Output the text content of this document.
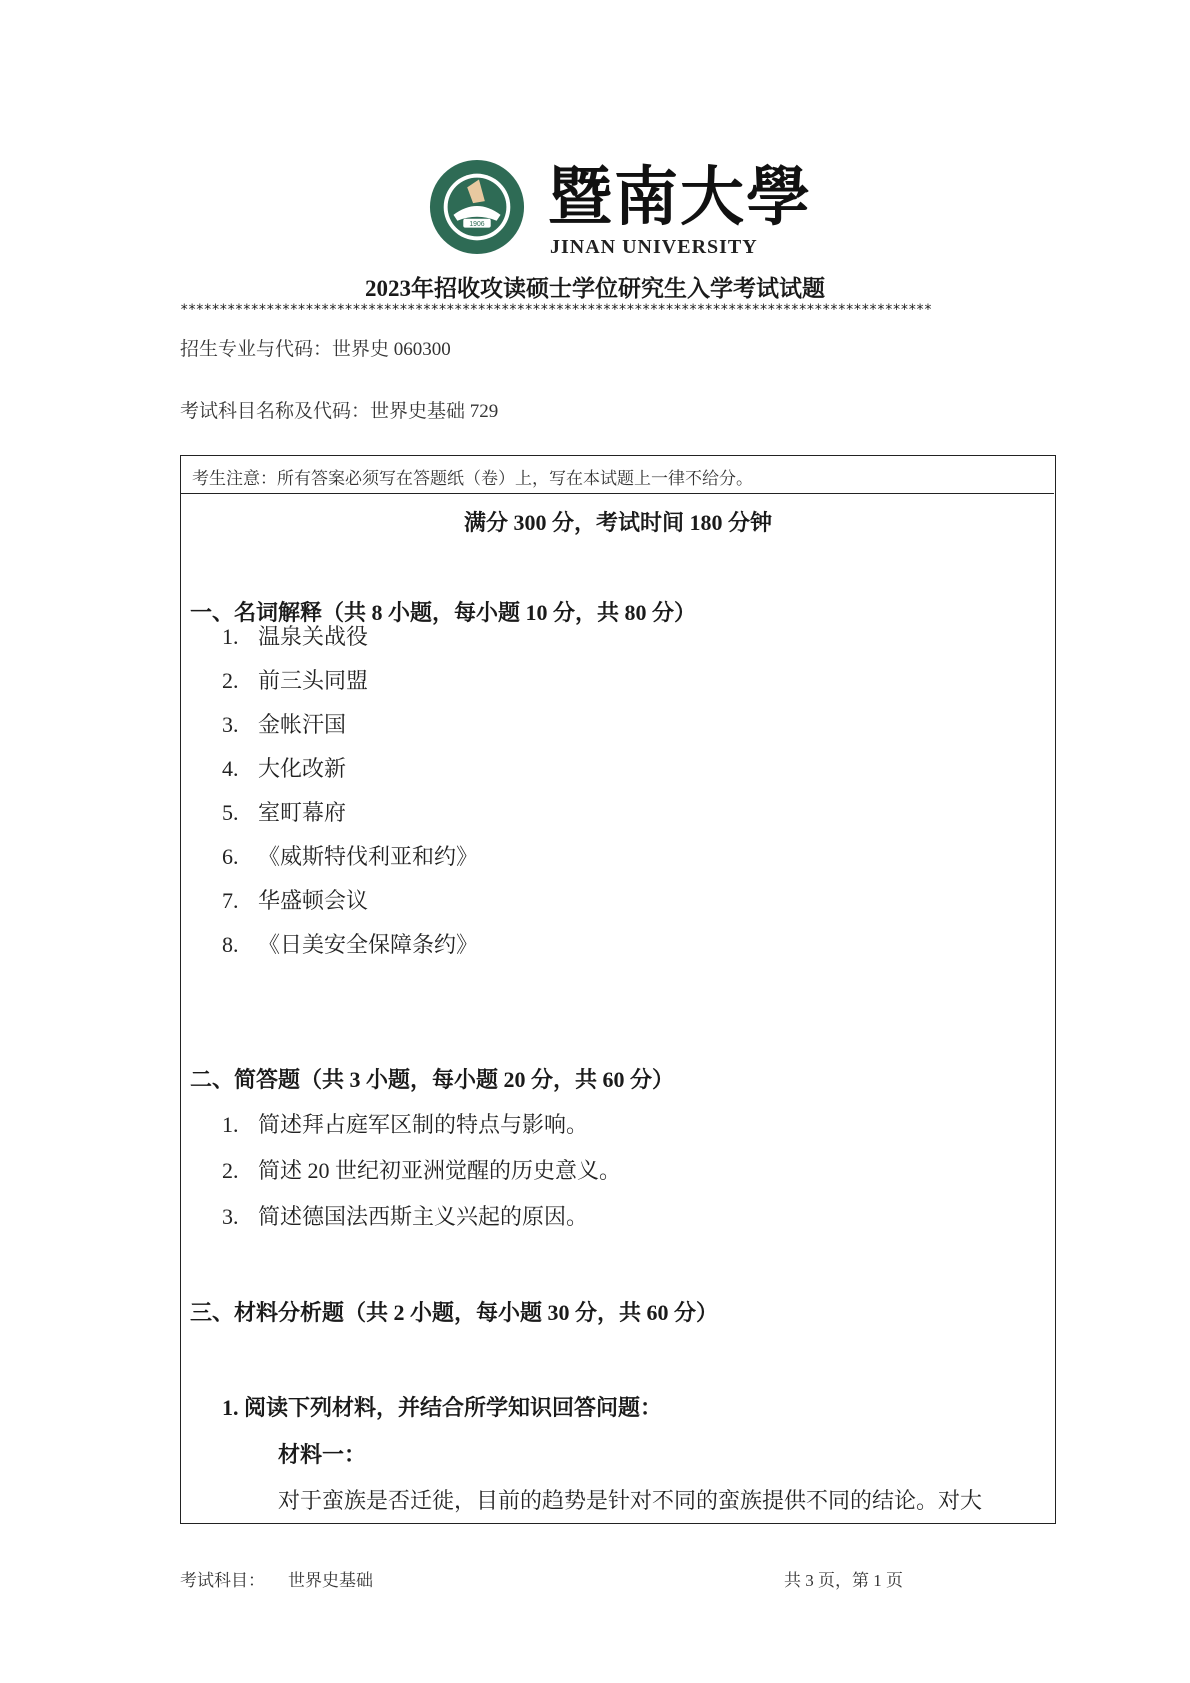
1906 暨南大學
JINAN UNIVERSITY
2023年招收攻读硕士学位研究生入学考试试题
************************************************************************************************
招生专业与代码：世界史 060300
考试科目名称及代码：世界史基础 729
考生注意：所有答案必须写在答题纸（卷）上，写在本试题上一律不给分。
满分 300 分，考试时间 180 分钟
一、名词解释（共 8 小题，每小题 10 分，共 80 分）
1. 温泉关战役
2. 前三头同盟
3. 金帐汗国
4. 大化改新
5. 室町幕府
6. 《威斯特伐利亚和约》
7. 华盛顿会议
8. 《日美安全保障条约》
二、简答题（共 3 小题，每小题 20 分，共 60 分）
1. 简述拜占庭军区制的特点与影响。
2. 简述 20 世纪初亚洲觉醒的历史意义。
3. 简述德国法西斯主义兴起的原因。
三、材料分析题（共 2 小题，每小题 30 分，共 60 分）
1. 阅读下列材料，并结合所学知识回答问题：
材料一：
对于蛮族是否迁徙，目前的趋势是针对不同的蛮族提供不同的结论。对大
考试科目： 世界史基础	共 3 页，第 1 页
